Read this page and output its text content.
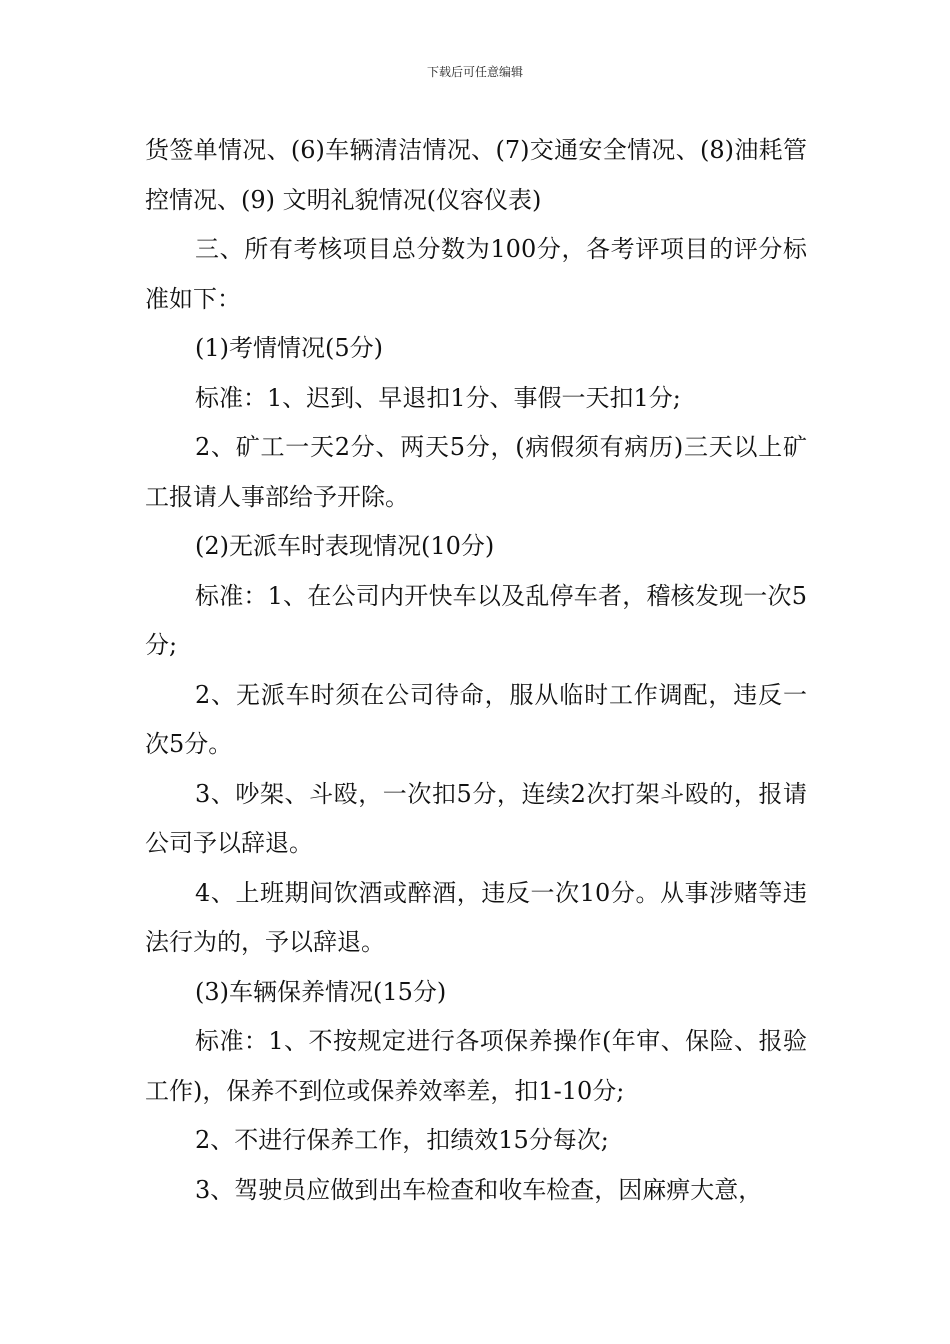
下载后可任意编辑

货签单情况、(6)车辆清洁情况、(7)交通安全情况、(8)油耗管控情况、(9) 文明礼貌情况(仪容仪表)

三、所有考核项目总分数为100分，各考评项目的评分标准如下：

(1)考情情况(5分)

标准：1、迟到、早退扣1分、事假一天扣1分;

2、矿工一天2分、两天5分，(病假须有病历)三天以上矿工报请人事部给予开除。

(2)无派车时表现情况(10分)

标准：1、在公司内开快车以及乱停车者，稽核发现一次5分;

2、无派车时须在公司待命，服从临时工作调配，违反一次5分。

3、吵架、斗殴，一次扣5分，连续2次打架斗殴的，报请公司予以辞退。

4、上班期间饮酒或醉酒，违反一次10分。从事涉赌等违法行为的，予以辞退。

(3)车辆保养情况(15分)

标准：1、不按规定进行各项保养操作(年审、保险、报验工作)，保养不到位或保养效率差，扣1-10分;

2、不进行保养工作，扣绩效15分每次;

3、驾驶员应做到出车检查和收车检查，因麻痹大意，
